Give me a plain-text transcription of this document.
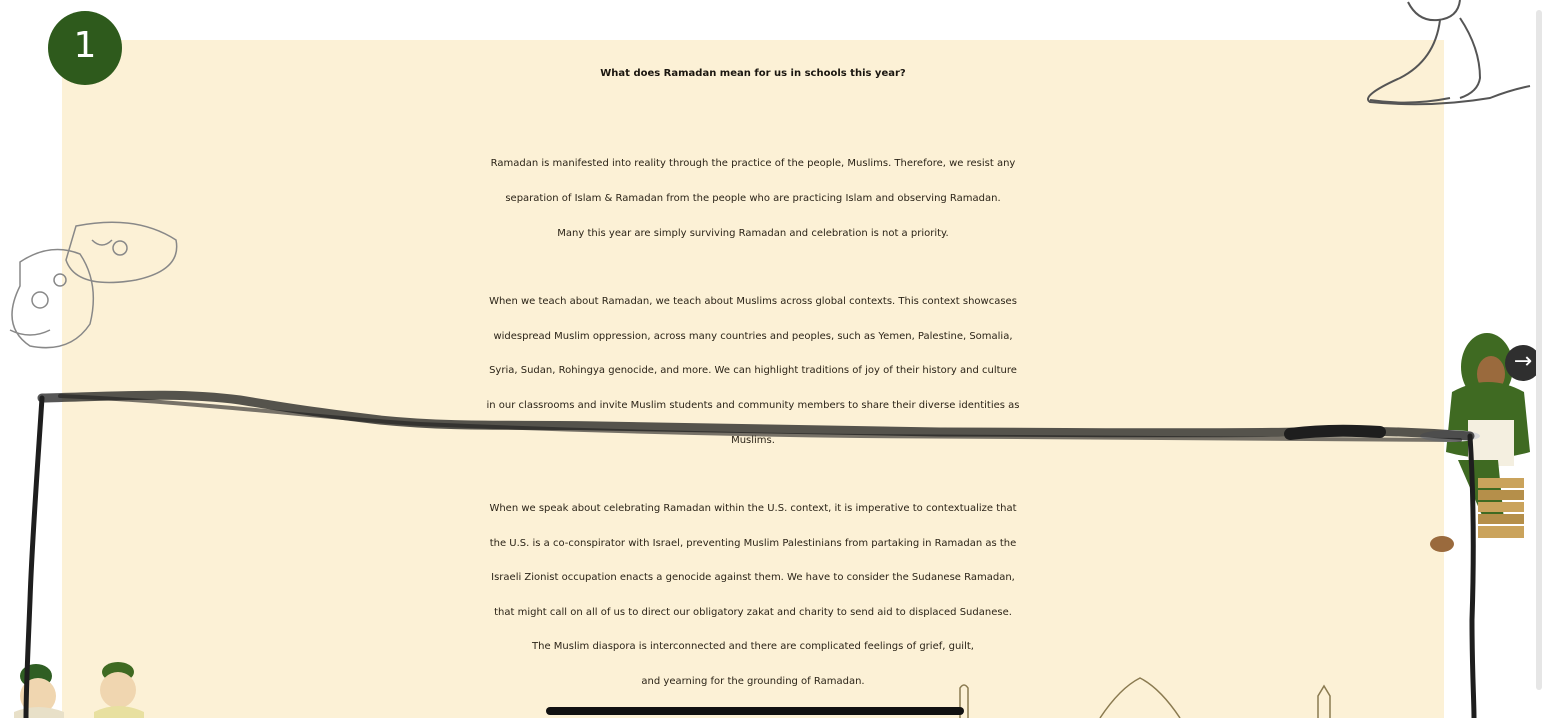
1
What does Ramadan mean for us in schools this year?
Ramadan is manifested into reality through the practice of the people, Muslims. Therefore, we resist any
separation of Islam & Ramadan from the people who are practicing Islam and observing Ramadan.
Many this year are simply surviving Ramadan and celebration is not a priority.
When we teach about Ramadan, we teach about Muslims across global contexts. This context showcases
widespread Muslim oppression, across many countries and peoples, such as Yemen, Palestine, Somalia,
Syria, Sudan, Rohingya genocide, and more. We can highlight traditions of joy of their history and culture
in our classrooms and invite Muslim students and community members to share their diverse identities as
Muslims.
When we speak about celebrating Ramadan within the U.S. context, it is imperative to contextualize that
the U.S. is a co-conspirator with Israel, preventing Muslim Palestinians from partaking in Ramadan as the
Israeli Zionist occupation enacts a genocide against them. We have to consider the Sudanese Ramadan,
that might call on all of us to direct our obligatory zakat and charity to send aid to displaced Sudanese.
The Muslim diaspora is interconnected and there are complicated feelings of grief, guilt,
and yearning for the grounding of Ramadan.
→
